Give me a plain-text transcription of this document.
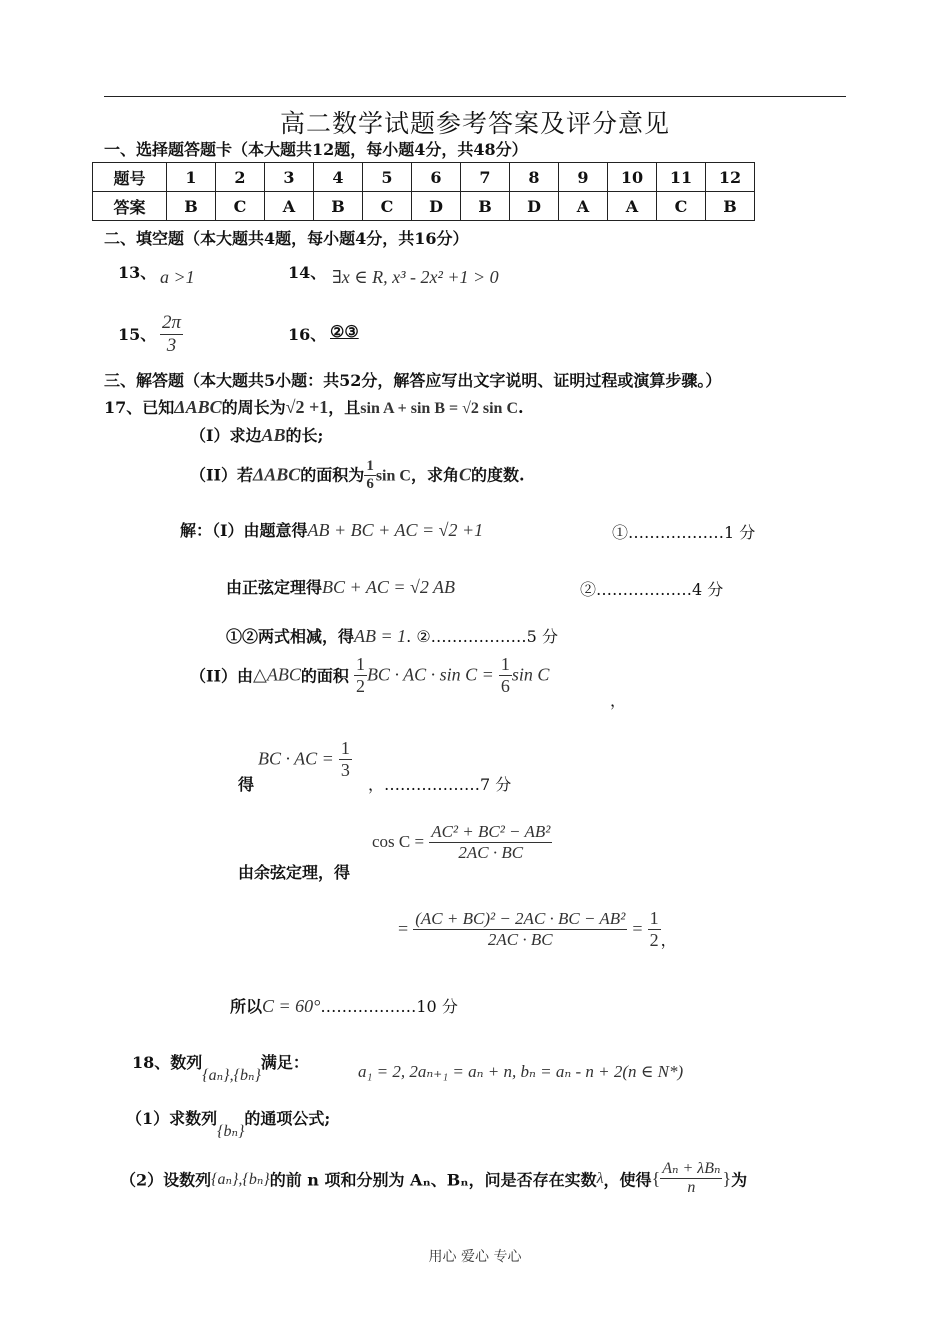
高二数学试题参考答案及评分意见
一、选择题答题卡（本大题共12题，每小题4分，共48分）
题号	1	2	3	4	5	6	7	8	9	10	11	12
答案	B	C	A	B	C	D	B	D	A	A	C	B
二、填空题（本大题共4题，每小题4分，共16分）
13、 a >1	14、 ∃x ∈ R, x³ - 2x² +1 > 0
15、 $\frac{2\pi}{3}$	16、 ②③
三、解答题（本大题共5小题：共52分，解答应写出文字说明、证明过程或演算步骤。）
17、已知ΔABC的周长为√2 +1，且sin A + sin B = √2 sin C.
（I）求边AB的长;
（II）若ΔABC的面积为 $\frac{1}{6}$ sin C，求角C的度数.
解：（I）由题意得AB + BC + AC = √2 +1	①………………1 分
由正弦定理得BC + AC = √2 AB	②………………4 分
①②两式相减，得AB = 1. ②………………5 分
（II）由△ABC的面积 $\frac{1}{2}$ BC · AC · $\sin C = \frac{1}{6}$ sin C
，
BC · AC = $\frac{1}{3}$
得	，………………7 分
$\cos C = \frac{\text{AC² + BC² − AB²}}{2AC \cdot BC}$
由余弦定理，得
= $\frac{\text{(AC + BC)² − 2AC · BC − AB²}}{2AC \cdot BC} = \frac{1}{2}$ ，
所以C = 60°………………10 分
18、数列{aₙ},{bₙ}满足：	a₁ = 2, 2aₙ₊₁ = aₙ + n, bₙ = aₙ - n + 2(n ∈ N*)
（1）求数列{bₙ}的通项公式;
（2）设数列{aₙ},{bₙ}的前 n 项和分别为 Aₙ、Bₙ，问是否存在实数λ，使得{ $\frac{\text{Aₙ + λBₙ}}{n}$ }为
用心 爱心 专心
